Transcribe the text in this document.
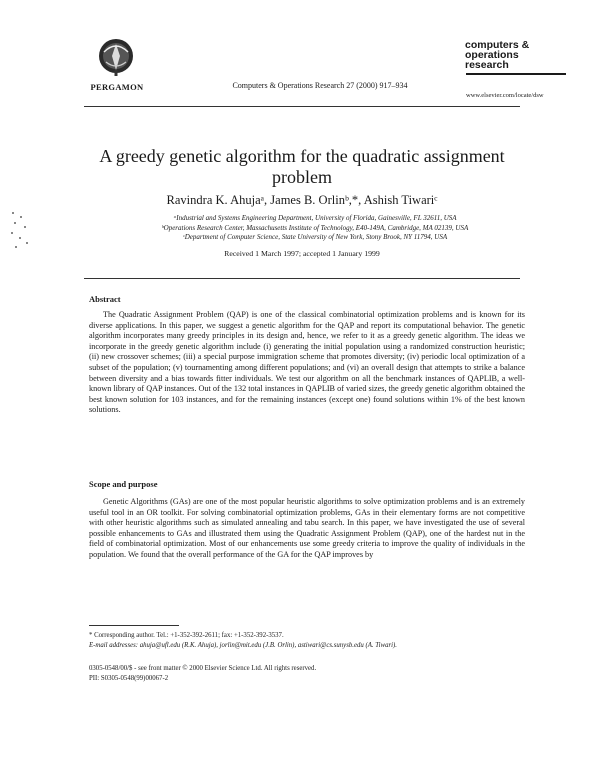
PERGAMON	Computers & Operations Research 27 (2000) 917–934
computers &
operations
research
www.elsevier.com/locate/dsw
A greedy genetic algorithm for the quadratic assignment problem
Ravindra K. Ahujaᵃ, James B. Orlinᵇ,*, Ashish Tiwariᶜ
ᵃIndustrial and Systems Engineering Department, University of Florida, Gainesville, FL 32611, USA
ᵇOperations Research Center, Massachusetts Institute of Technology, E40-149A, Cambridge, MA 02139, USA
ᶜDepartment of Computer Science, State University of New York, Stony Brook, NY 11794, USA
Received 1 March 1997; accepted 1 January 1999
Abstract
The Quadratic Assignment Problem (QAP) is one of the classical combinatorial optimization problems and is known for its diverse applications. In this paper, we suggest a genetic algorithm for the QAP and report its computational behavior. The genetic algorithm incorporates many greedy principles in its design and, hence, we refer to it as a greedy genetic algorithm. The ideas we incorporate in the greedy genetic algorithm include (i) generating the initial population using a randomized construction heuristic; (ii) new crossover schemes; (iii) a special purpose immigration scheme that promotes diversity; (iv) periodic local optimization of a subset of the population; (v) tournamenting among different populations; and (vi) an overall design that attempts to strike a balance between diversity and a bias towards fitter individuals. We test our algorithm on all the benchmark instances of QAPLIB, a well-known library of QAP instances. Out of the 132 total instances in QAPLIB of varied sizes, the greedy genetic algorithm obtained the best known solution for 103 instances, and for the remaining instances (except one) found solutions within 1% of the best known solutions.
Scope and purpose
Genetic Algorithms (GAs) are one of the most popular heuristic algorithms to solve optimization problems and is an extremely useful tool in an OR toolkit. For solving combinatorial optimization problems, GAs in their elementary forms are not competitive with other heuristic algorithms such as simulated annealing and tabu search. In this paper, we have investigated the use of several possible enhancements to GAs and illustrated them using the Quadratic Assignment Problem (QAP), one of the hardest nut in the field of combinatorial optimization. Most of our enhancements use some greedy criteria to improve the quality of individuals in the population. We found that the overall performance of the GA for the QAP improves by
* Corresponding author. Tel.: +1-352-392-2611; fax: +1-352-392-3537.
E-mail addresses: ahuja@ufl.edu (R.K. Ahuja), jorlin@mit.edu (J.B. Orlin), astiwari@cs.sunysb.edu (A. Tiwari).
0305-0548/00/$ - see front matter © 2000 Elsevier Science Ltd. All rights reserved.
PII: S0305-0548(99)00067-2
